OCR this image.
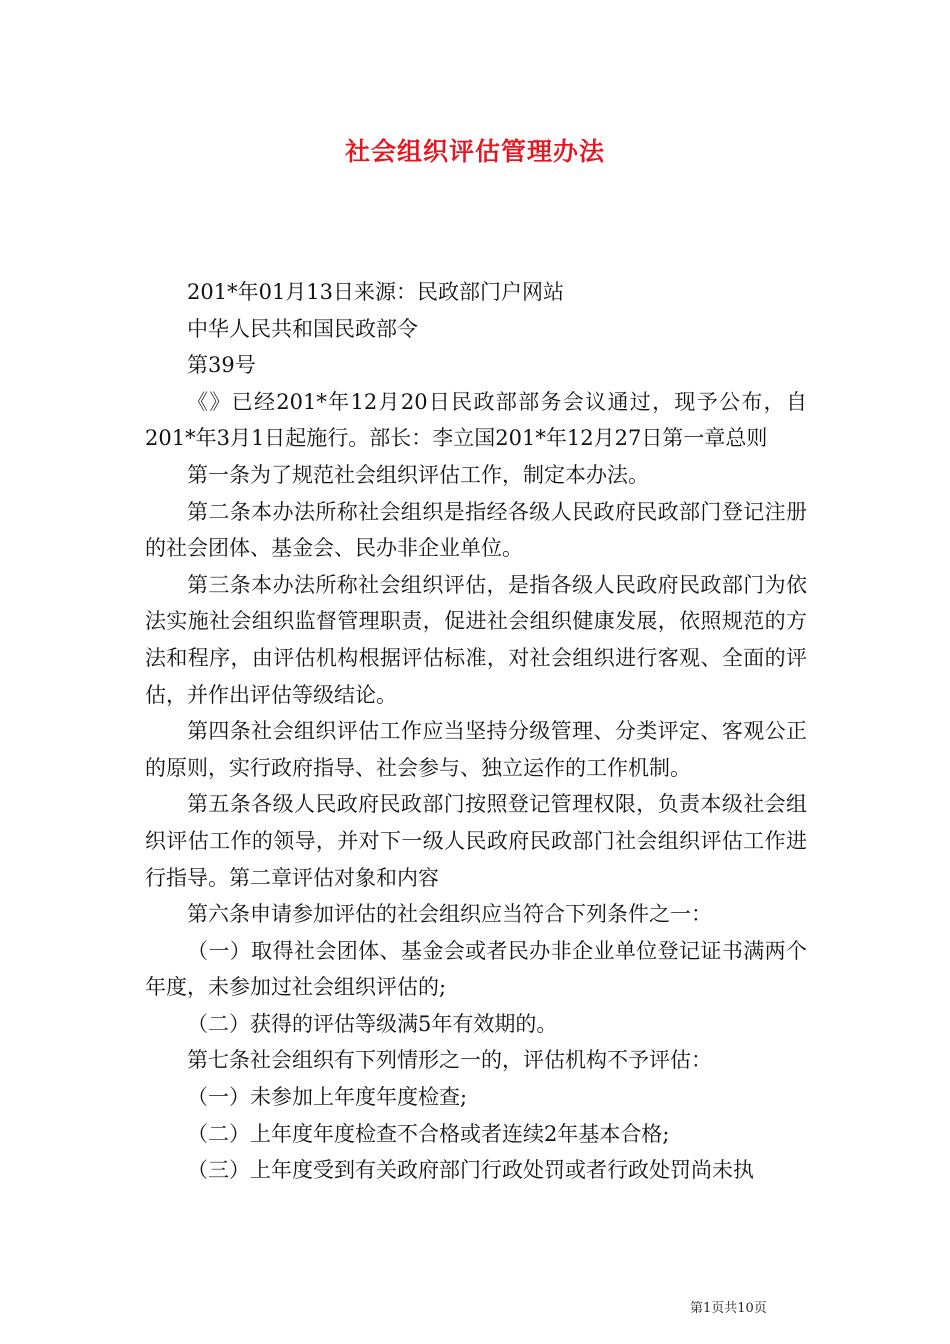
社会组织评估管理办法

201*年01月13日来源：民政部门户网站

中华人民共和国民政部令

第39号

《》已经201*年12月20日民政部部务会议通过，现予公布，自201*年3月1日起施行。部长：李立国201*年12月27日第一章总则

第一条为了规范社会组织评估工作，制定本办法。

第二条本办法所称社会组织是指经各级人民政府民政部门登记注册的社会团体、基金会、民办非企业单位。

第三条本办法所称社会组织评估，是指各级人民政府民政部门为依法实施社会组织监督管理职责，促进社会组织健康发展，依照规范的方法和程序，由评估机构根据评估标准，对社会组织进行客观、全面的评估，并作出评估等级结论。

第四条社会组织评估工作应当坚持分级管理、分类评定、客观公正的原则，实行政府指导、社会参与、独立运作的工作机制。

第五条各级人民政府民政部门按照登记管理权限，负责本级社会组织评估工作的领导，并对下一级人民政府民政部门社会组织评估工作进行指导。第二章评估对象和内容

第六条申请参加评估的社会组织应当符合下列条件之一：

（一）取得社会团体、基金会或者民办非企业单位登记证书满两个年度，未参加过社会组织评估的;

（二）获得的评估等级满5年有效期的。

第七条社会组织有下列情形之一的，评估机构不予评估：

（一）未参加上年度年度检查;

（二）上年度年度检查不合格或者连续2年基本合格;

（三）上年度受到有关政府部门行政处罚或者行政处罚尚未执

第1页共10页
